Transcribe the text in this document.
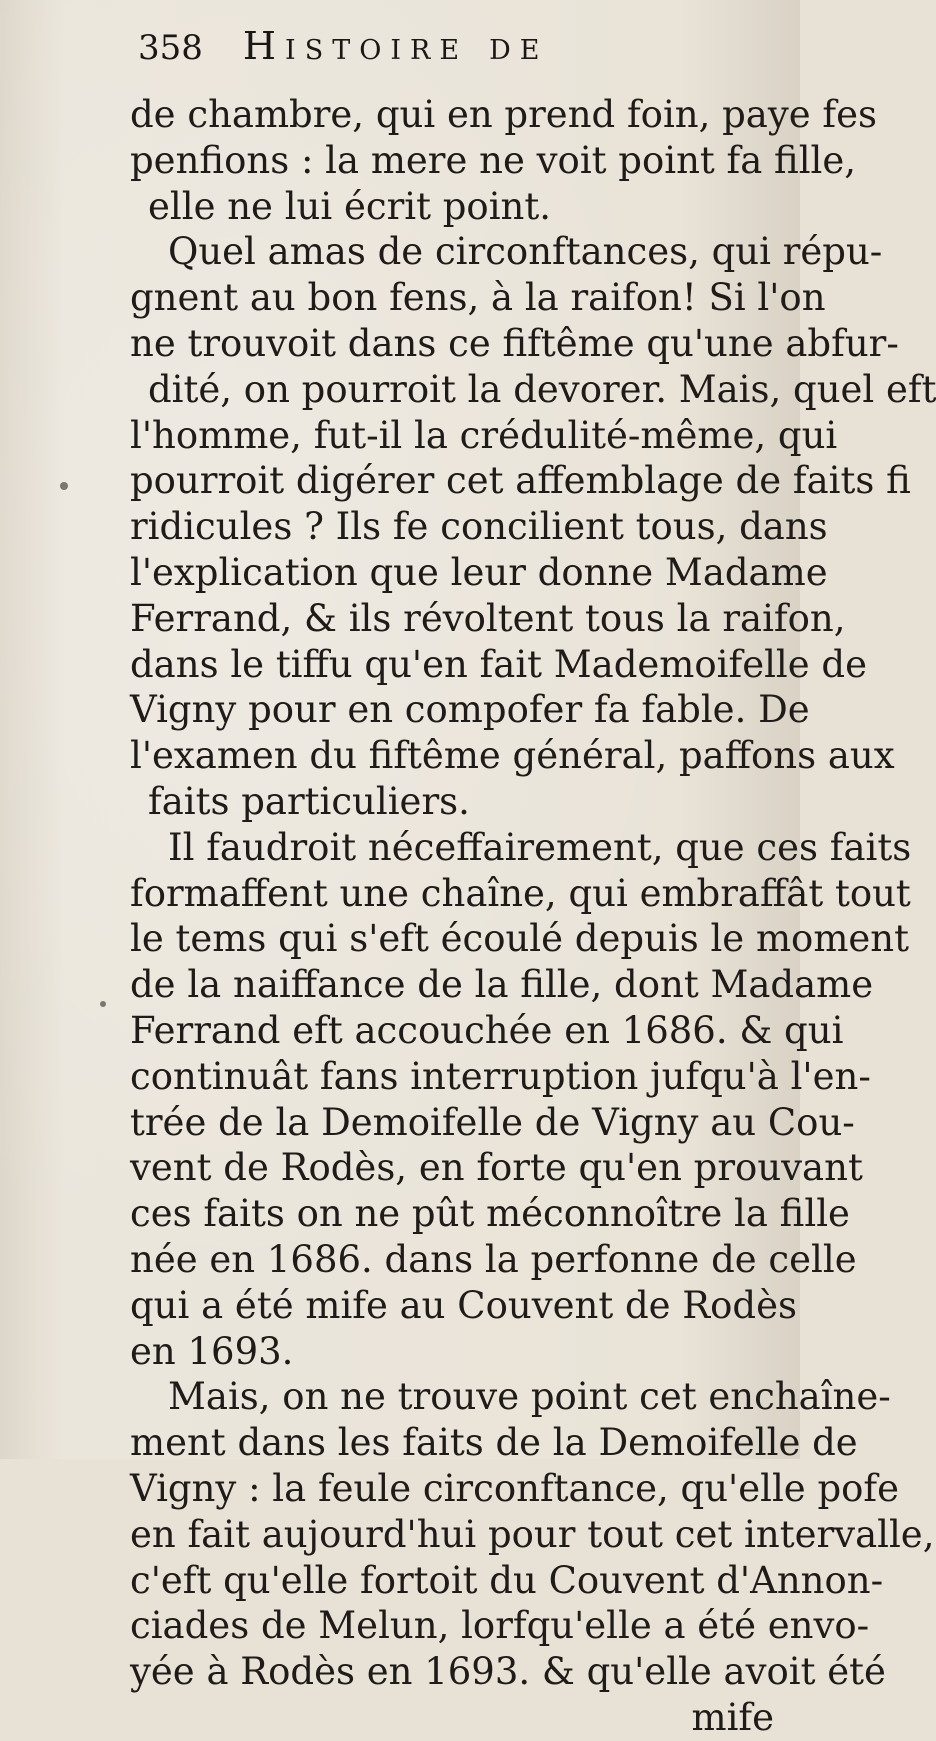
358 Histoire de
de chambre, qui en prend foin, paye fes
penfions : la mere ne voit point fa fille,
elle ne lui écrit point.
Quel amas de circonftances, qui répu-
gnent au bon fens, à la raifon! Si l'on
ne trouvoit dans ce fiftême qu'une abfur-
dité, on pourroit la devorer. Mais, quel eft
l'homme, fut-il la crédulité-même, qui
pourroit digérer cet affemblage de faits fi
ridicules ? Ils fe concilient tous, dans
l'explication que leur donne Madame
Ferrand, & ils révoltent tous la raifon,
dans le tiffu qu'en fait Mademoifelle de
Vigny pour en compofer fa fable. De
l'examen du fiftême général, paffons aux
faits particuliers.
Il faudroit néceffairement, que ces faits
formaffent une chaîne, qui embraffât tout
le tems qui s'eft écoulé depuis le moment
de la naiffance de la fille, dont Madame
Ferrand eft accouchée en 1686. & qui
continuât fans interruption jufqu'à l'en-
trée de la Demoifelle de Vigny au Cou-
vent de Rodès, en forte qu'en prouvant
ces faits on ne pût méconnoître la fille
née en 1686. dans la perfonne de celle
qui a été mife au Couvent de Rodès
en 1693.
Mais, on ne trouve point cet enchaîne-
ment dans les faits de la Demoifelle de
Vigny : la feule circonftance, qu'elle pofe
en fait aujourd'hui pour tout cet intervalle,
c'eft qu'elle fortoit du Couvent d'Annon-
ciades de Melun, lorfqu'elle a été envo-
yée à Rodès en 1693. & qu'elle avoit été
mife
